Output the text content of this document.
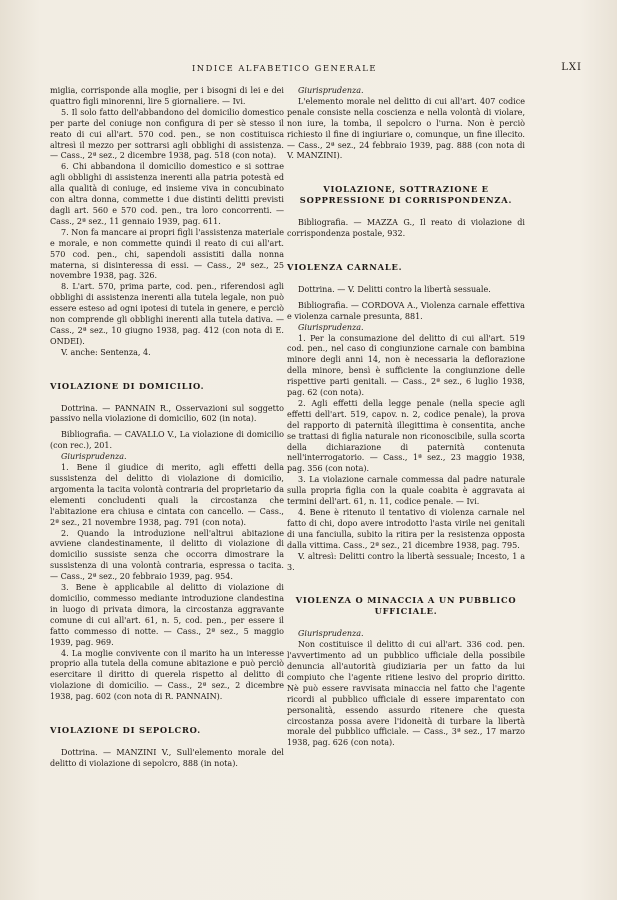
INDICE ALFABETICO GENERALE	LXI

miglia, corrisponde alla moglie, per i bisogni di lei e dei quattro figli minorenni, lire 5 giornaliere. — Ivi.

5. Il solo fatto dell'abbandono del domicilio domestico per parte del coniuge non configura di per sè stesso il reato di cui all'art. 570 cod. pen., se non costituisca altresì il mezzo per sottrarsi agli obblighi di assistenza. — Cass., 2ª sez., 2 dicembre 1938, pag. 518 (con nota).

6. Chi abbandona il domicilio domestico e si sottrae agli obblighi di assistenza inerenti alla patria potestà ed alla qualità di coniuge, ed insieme viva in concubinato con altra donna, commette i due distinti delitti previsti dagli art. 560 e 570 cod. pen., tra loro concorrenti. — Cass., 2ª sez., 11 gennaio 1939, pag. 611.

7. Non fa mancare ai propri figli l'assistenza materiale e morale, e non commette quindi il reato di cui all'art. 570 cod. pen., chi, sapendoli assistiti dalla nonna materna, si disinteressa di essi. — Cass., 2ª sez., 25 novembre 1938, pag. 326.

8. L'art. 570, prima parte, cod. pen., riferendosi agli obblighi di assistenza inerenti alla tutela legale, non può essere esteso ad ogni ipotesi di tutela in genere, e perciò non comprende gli obblighi inerenti alla tutela dativa. — Cass., 2ª sez., 10 giugno 1938, pag. 412 (con nota di E. ONDEI).

V. anche: Sentenza, 4.

VIOLAZIONE DI DOMICILIO.

Dottrina. — PANNAIN R., Osservazioni sul soggetto passivo nella violazione di domicilio, 602 (in nota).

Bibliografia. — CAVALLO V., La violazione di domicilio (con rec.), 201.

Giurisprudenza.

1. Bene il giudice di merito, agli effetti della sussistenza del delitto di violazione di domicilio, argomenta la tacita volontà contraria del proprietario da elementi concludenti quali la circostanza che l'abitazione era chiusa e cintata con cancello. — Cass., 2ª sez., 21 novembre 1938, pag. 791 (con nota).

2. Quando la introduzione nell'altrui abitazione avviene clandestinamente, il delitto di violazione di domicilio sussiste senza che occorra dimostrare la sussistenza di una volontà contraria, espressa o tacita. — Cass., 2ª sez., 20 febbraio 1939, pag. 954.

3. Bene è applicabile al delitto di violazione di domicilio, commesso mediante introduzione clandestina in luogo di privata dimora, la circostanza aggravante comune di cui all'art. 61, n. 5, cod. pen., per essere il fatto commesso di notte. — Cass., 2ª sez., 5 maggio 1939, pag. 969.

4. La moglie convivente con il marito ha un interesse proprio alla tutela della comune abitazione e può perciò esercitare il diritto di querela rispetto al delitto di violazione di domicilio. — Cass., 2ª sez., 2 dicembre 1938, pag. 602 (con nota di R. PANNAIN).

VIOLAZIONE DI SEPOLCRO.

Dottrina. — MANZINI V., Sull'elemento morale del delitto di violazione di sepolcro, 888 (in nota).

Giurisprudenza.

L'elemento morale nel delitto di cui all'art. 407 codice penale consiste nella coscienza e nella volontà di violare, non iure, la tomba, il sepolcro o l'urna. Non è perciò richiesto il fine di ingiuriare o, comunque, un fine illecito. — Cass., 2ª sez., 24 febbraio 1939, pag. 888 (con nota di V. MANZINI).

VIOLAZIONE, SOTTRAZIONE E SOPPRESSIONE DI CORRISPONDENZA.

Bibliografia. — MAZZA G., Il reato di violazione di corrispondenza postale, 932.

VIOLENZA CARNALE.

Dottrina. — V. Delitti contro la libertà sessuale.

Bibliografia. — CORDOVA A., Violenza carnale effettiva e violenza carnale presunta, 881.

Giurisprudenza.

1. Per la consumazione del delitto di cui all'art. 519 cod. pen., nel caso di congiunzione carnale con bambina minore degli anni 14, non è necessaria la deflorazione della minore, bensì è sufficiente la congiunzione delle rispettive parti genitali. — Cass., 2ª sez., 6 luglio 1938, pag. 62 (con nota).

2. Agli effetti della legge penale (nella specie agli effetti dell'art. 519, capov. n. 2, codice penale), la prova del rapporto di paternità illegittima è consentita, anche se trattasi di figlia naturale non riconoscibile, sulla scorta della dichiarazione di paternità contenuta nell'interrogatorio. — Cass., 1ª sez., 23 maggio 1938, pag. 356 (con nota).

3. La violazione carnale commessa dal padre naturale sulla propria figlia con la quale coabita è aggravata ai termini dell'art. 61, n. 11, codice penale. — Ivi.

4. Bene è ritenuto il tentativo di violenza carnale nel fatto di chi, dopo avere introdotto l'asta virile nei genitali di una fanciulla, subito la ritira per la resistenza opposta dalla vittima. Cass., 2ª sez., 21 dicembre 1938, pag. 795.

V. altresì: Delitti contro la libertà sessuale; Incesto, 1 a 3.

VIOLENZA O MINACCIA A UN PUBBLICO UFFICIALE.

Giurisprudenza.

Non costituisce il delitto di cui all'art. 336 cod. pen. l'avvertimento ad un pubblico ufficiale della possibile denuncia all'autorità giudiziaria per un fatto da lui compiuto che l'agente ritiene lesivo del proprio diritto. Nè può essere ravvisata minaccia nel fatto che l'agente ricordi al pubblico ufficiale di essere imparentato con personalità, essendo assurdo ritenere che questa circostanza possa avere l'idoneità di turbare la libertà morale del pubblico ufficiale. — Cass., 3ª sez., 17 marzo 1938, pag. 626 (con nota).
